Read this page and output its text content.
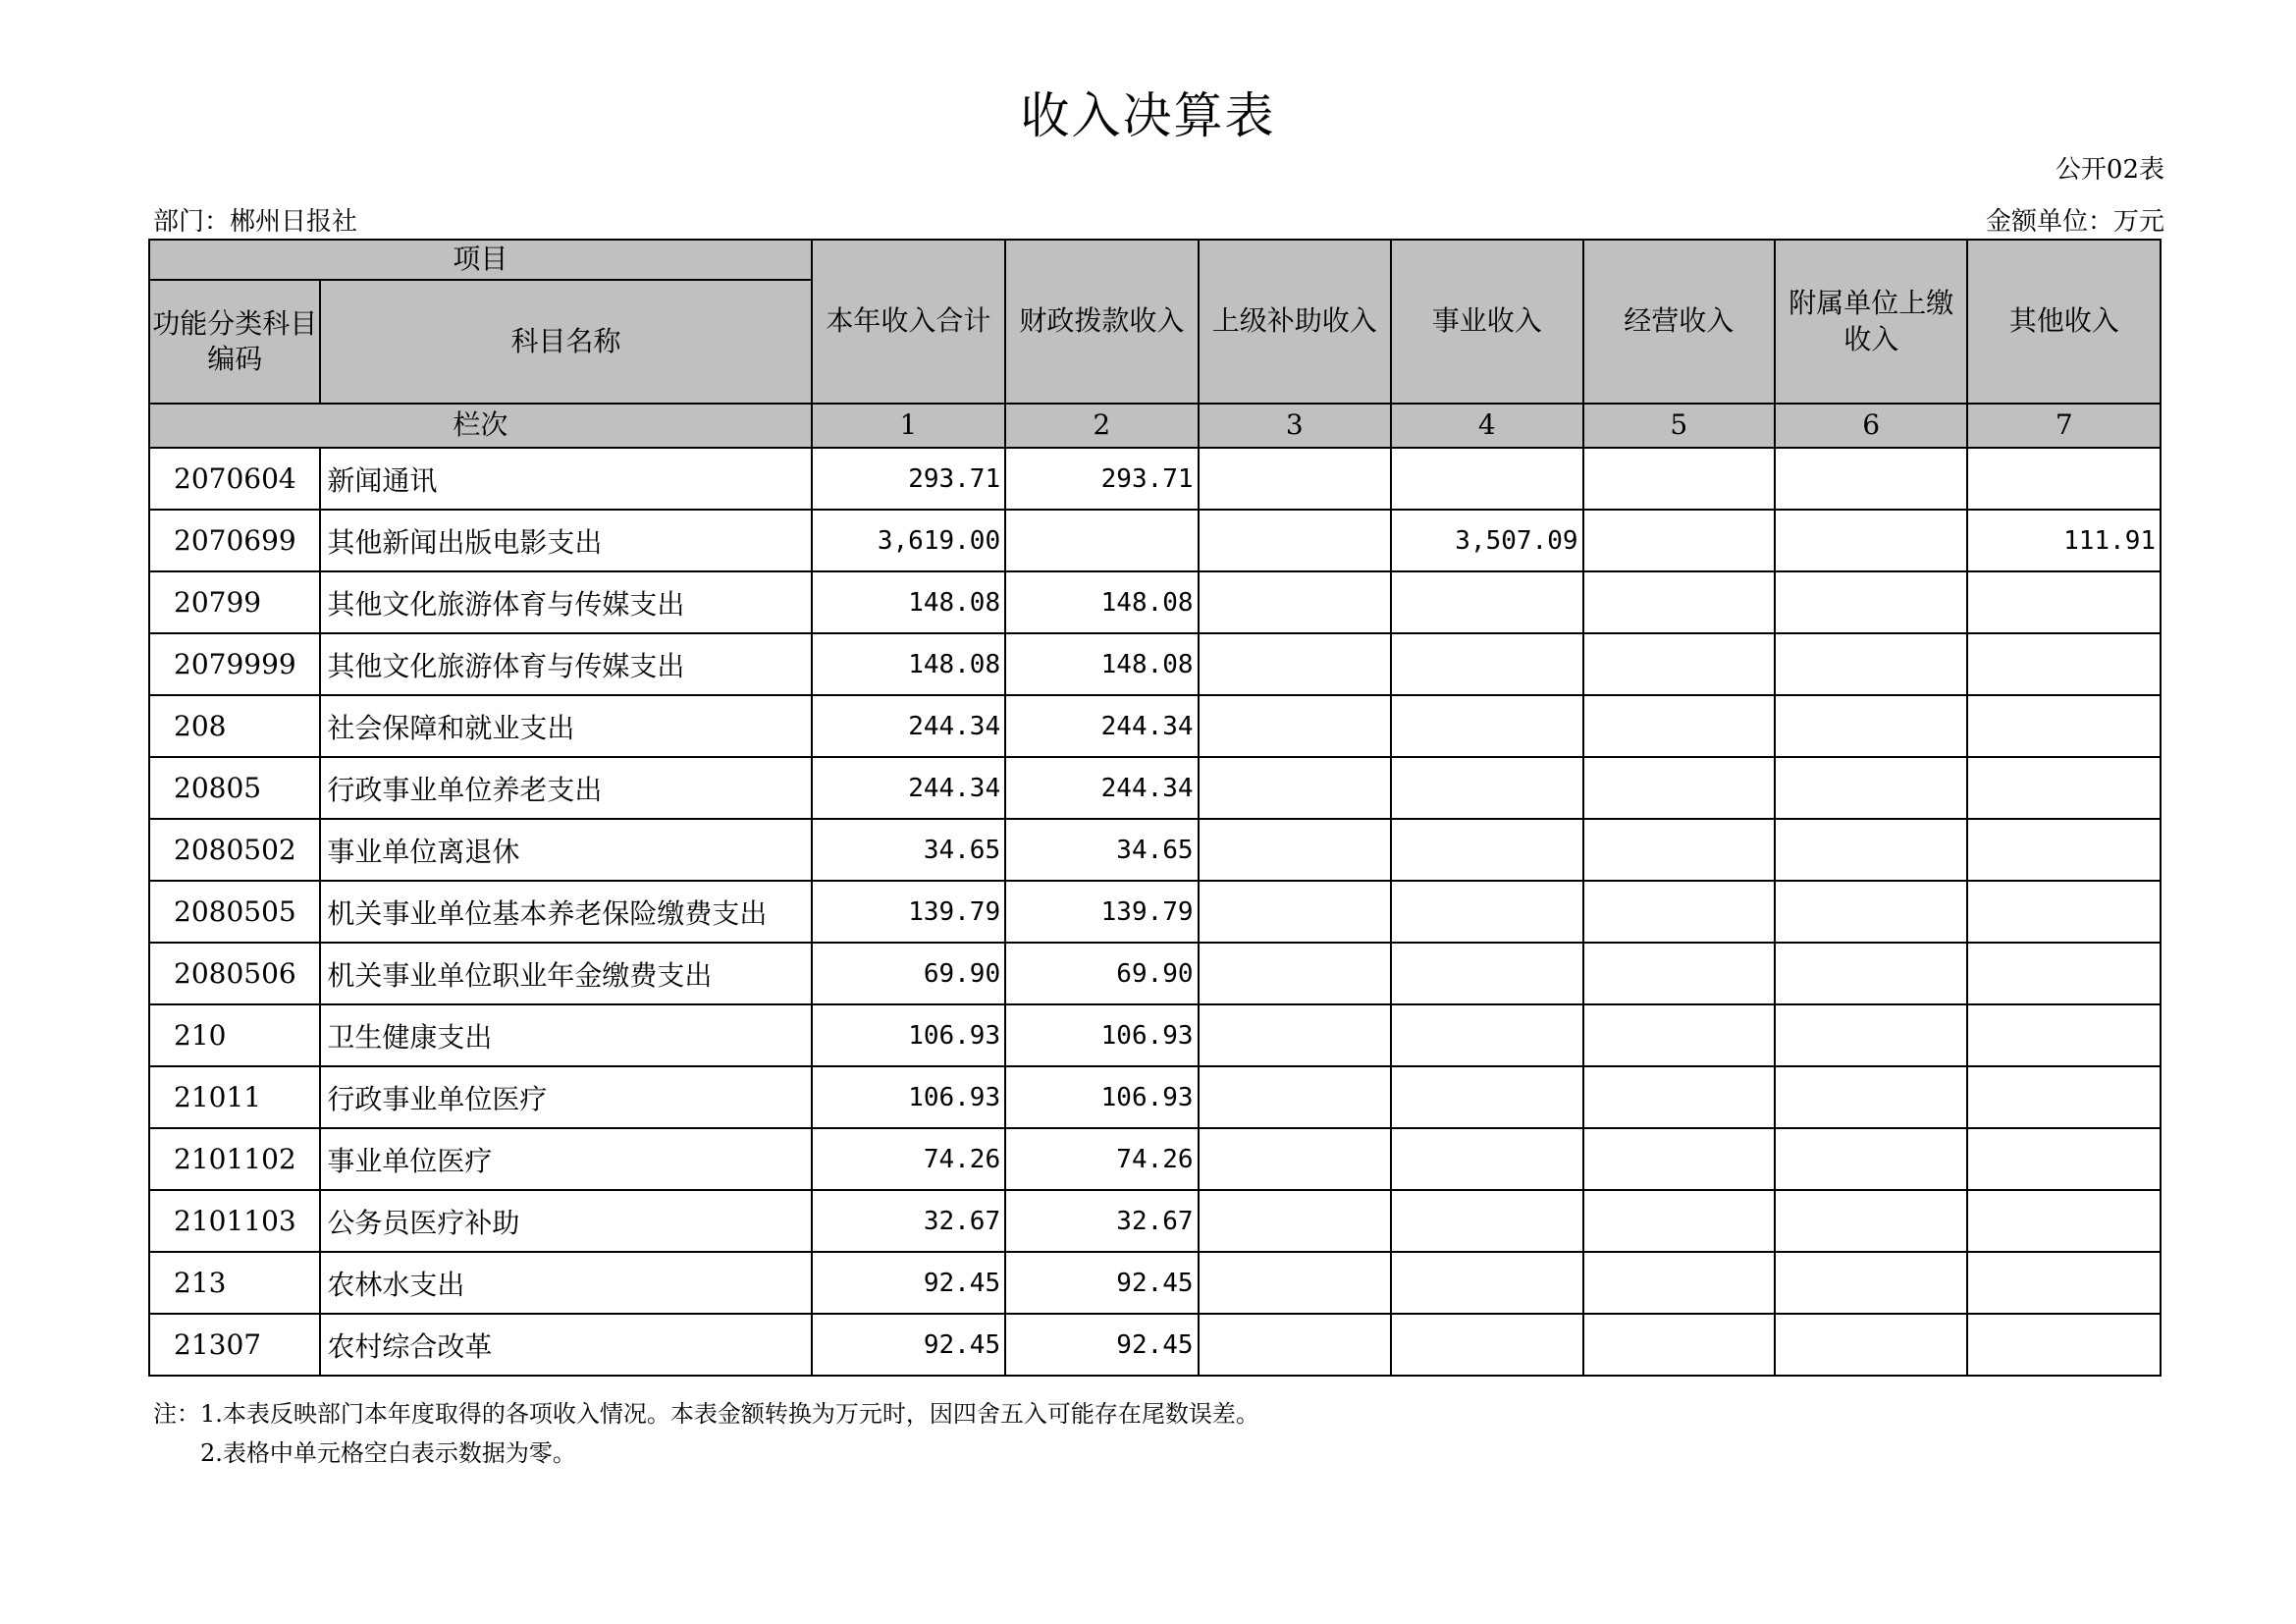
收入决算表
公开02表
部门：郴州日报社	金额单位：万元
项目		本年收入合计	财政拨款收入	上级补助收入	事业收入	经营收入	附属单位上缴收入	其他收入
功能分类科目编码	科目名称							
栏次		1	2	3	4	5	6	7
2070604	新闻通讯	293.71	293.71					
2070699	其他新闻出版电影支出	3,619.00			3,507.09			111.91
20799	其他文化旅游体育与传媒支出	148.08	148.08					
2079999	其他文化旅游体育与传媒支出	148.08	148.08					
208	社会保障和就业支出	244.34	244.34					
20805	行政事业单位养老支出	244.34	244.34					
2080502	事业单位离退休	34.65	34.65					
2080505	机关事业单位基本养老保险缴费支出	139.79	139.79					
2080506	机关事业单位职业年金缴费支出	69.90	69.90					
210	卫生健康支出	106.93	106.93					
21011	行政事业单位医疗	106.93	106.93					
2101102	事业单位医疗	74.26	74.26					
2101103	公务员医疗补助	32.67	32.67					
213	农林水支出	92.45	92.45					
21307	农村综合改革	92.45	92.45					
注：1.本表反映部门本年度取得的各项收入情况。本表金额转换为万元时，因四舍五入可能存在尾数误差。
2.表格中单元格空白表示数据为零。
